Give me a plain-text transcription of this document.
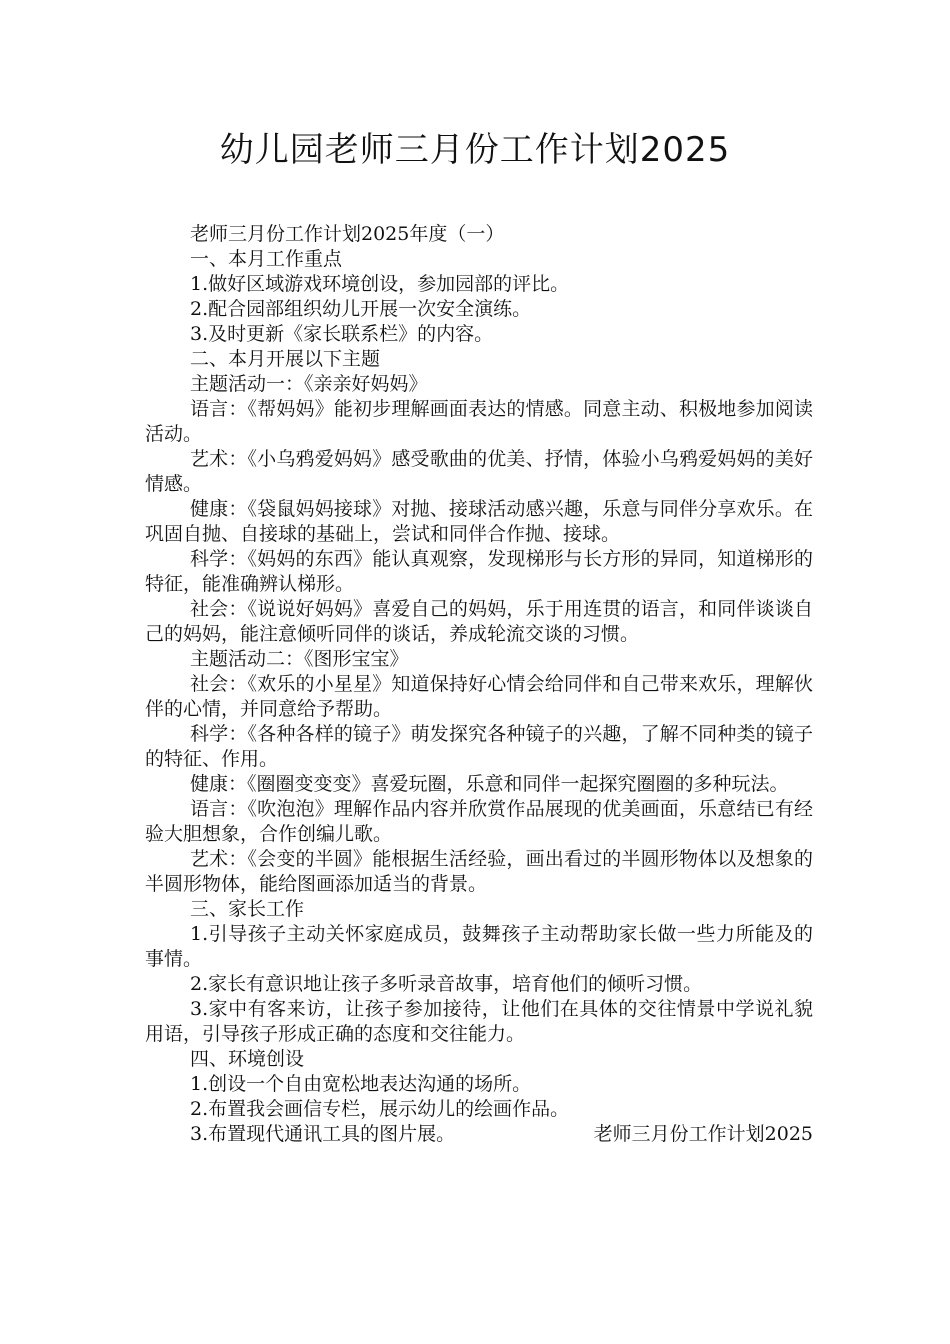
幼儿园老师三月份工作计划2025

老师三月份工作计划2025年度（一）

一、本月工作重点

1.做好区域游戏环境创设，参加园部的评比。

2.配合园部组织幼儿开展一次安全演练。

3.及时更新《家长联系栏》的内容。

二、本月开展以下主题

主题活动一：《亲亲好妈妈》

语言：《帮妈妈》能初步理解画面表达的情感。同意主动、积极地参加阅读活动。

艺术：《小乌鸦爱妈妈》感受歌曲的优美、抒情，体验小乌鸦爱妈妈的美好情感。

健康：《袋鼠妈妈接球》对抛、接球活动感兴趣，乐意与同伴分享欢乐。在巩固自抛、自接球的基础上，尝试和同伴合作抛、接球。

科学：《妈妈的东西》能认真观察，发现梯形与长方形的异同，知道梯形的特征，能准确辨认梯形。

社会：《说说好妈妈》喜爱自己的妈妈，乐于用连贯的语言，和同伴谈谈自己的妈妈，能注意倾听同伴的谈话，养成轮流交谈的习惯。

主题活动二：《图形宝宝》

社会：《欢乐的小星星》知道保持好心情会给同伴和自己带来欢乐，理解伙伴的心情，并同意给予帮助。

科学：《各种各样的镜子》萌发探究各种镜子的兴趣，了解不同种类的镜子的特征、作用。

健康：《圈圈变变变》喜爱玩圈，乐意和同伴一起探究圈圈的多种玩法。

语言：《吹泡泡》理解作品内容并欣赏作品展现的优美画面，乐意结已有经验大胆想象，合作创编儿歌。

艺术：《会变的半圆》能根据生活经验，画出看过的半圆形物体以及想象的半圆形物体，能给图画添加适当的背景。

三、家长工作

1.引导孩子主动关怀家庭成员，鼓舞孩子主动帮助家长做一些力所能及的事情。

2.家长有意识地让孩子多听录音故事，培育他们的倾听习惯。

3.家中有客来访，让孩子参加接待，让他们在具体的交往情景中学说礼貌用语，引导孩子形成正确的态度和交往能力。

四、环境创设

1.创设一个自由宽松地表达沟通的场所。

2.布置我会画信专栏，展示幼儿的绘画作品。

3.布置现代通讯工具的图片展。	老师三月份工作计划2025
